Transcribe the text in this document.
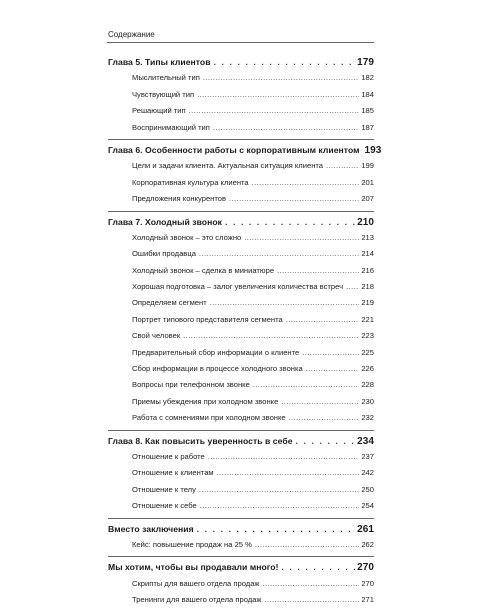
Содержание
Глава 5. Типы клиентов . . .	179
Мыслительный тип .....	182
Чувствующий тип .....	184
Решающий тип .....	185
Воспринимающий тип .....	187
Глава 6. Особенности работы с корпоративным клиентом 193
Цели и задачи клиента. Актуальная ситуация клиента .....	199
Корпоративная культура клиента .....	201
Предложения конкурентов .....	207
Глава 7. Холодный звонок . . .	210
Холодный звонок – это сложно .....	213
Ошибки продавца .....	214
Холодный звонок – сделка в миниатюре .....	216
Хорошая подготовка – залог увеличения количества встреч ..... 218
Определяем сегмент .....	219
Портрет типового представителя сегмента .....	221
Свой человек .....	223
Предварительный сбор информации о клиенте .....	225
Сбор информации в процессе холодного звонка .....	226
Вопросы при телефонном звонке .....	228
Приемы убеждения при холодном звонке .....	230
Работа с сомнениями при холодном звонке .....	232
Глава 8. Как повысить уверенность в себе . . .	234
Отношение к работе .....	237
Отношение к клиентам .....	242
Отношение к телу .....	250
Отношение к себе .....	254
Вместо заключения . . .	261
Кейс: повышение продаж на 25 % .....	262
Мы хотим, чтобы вы продавали много! . . .	270
Скрипты для вашего отдела продаж .....	270
Тренинги для вашего отдела продаж .....	271
